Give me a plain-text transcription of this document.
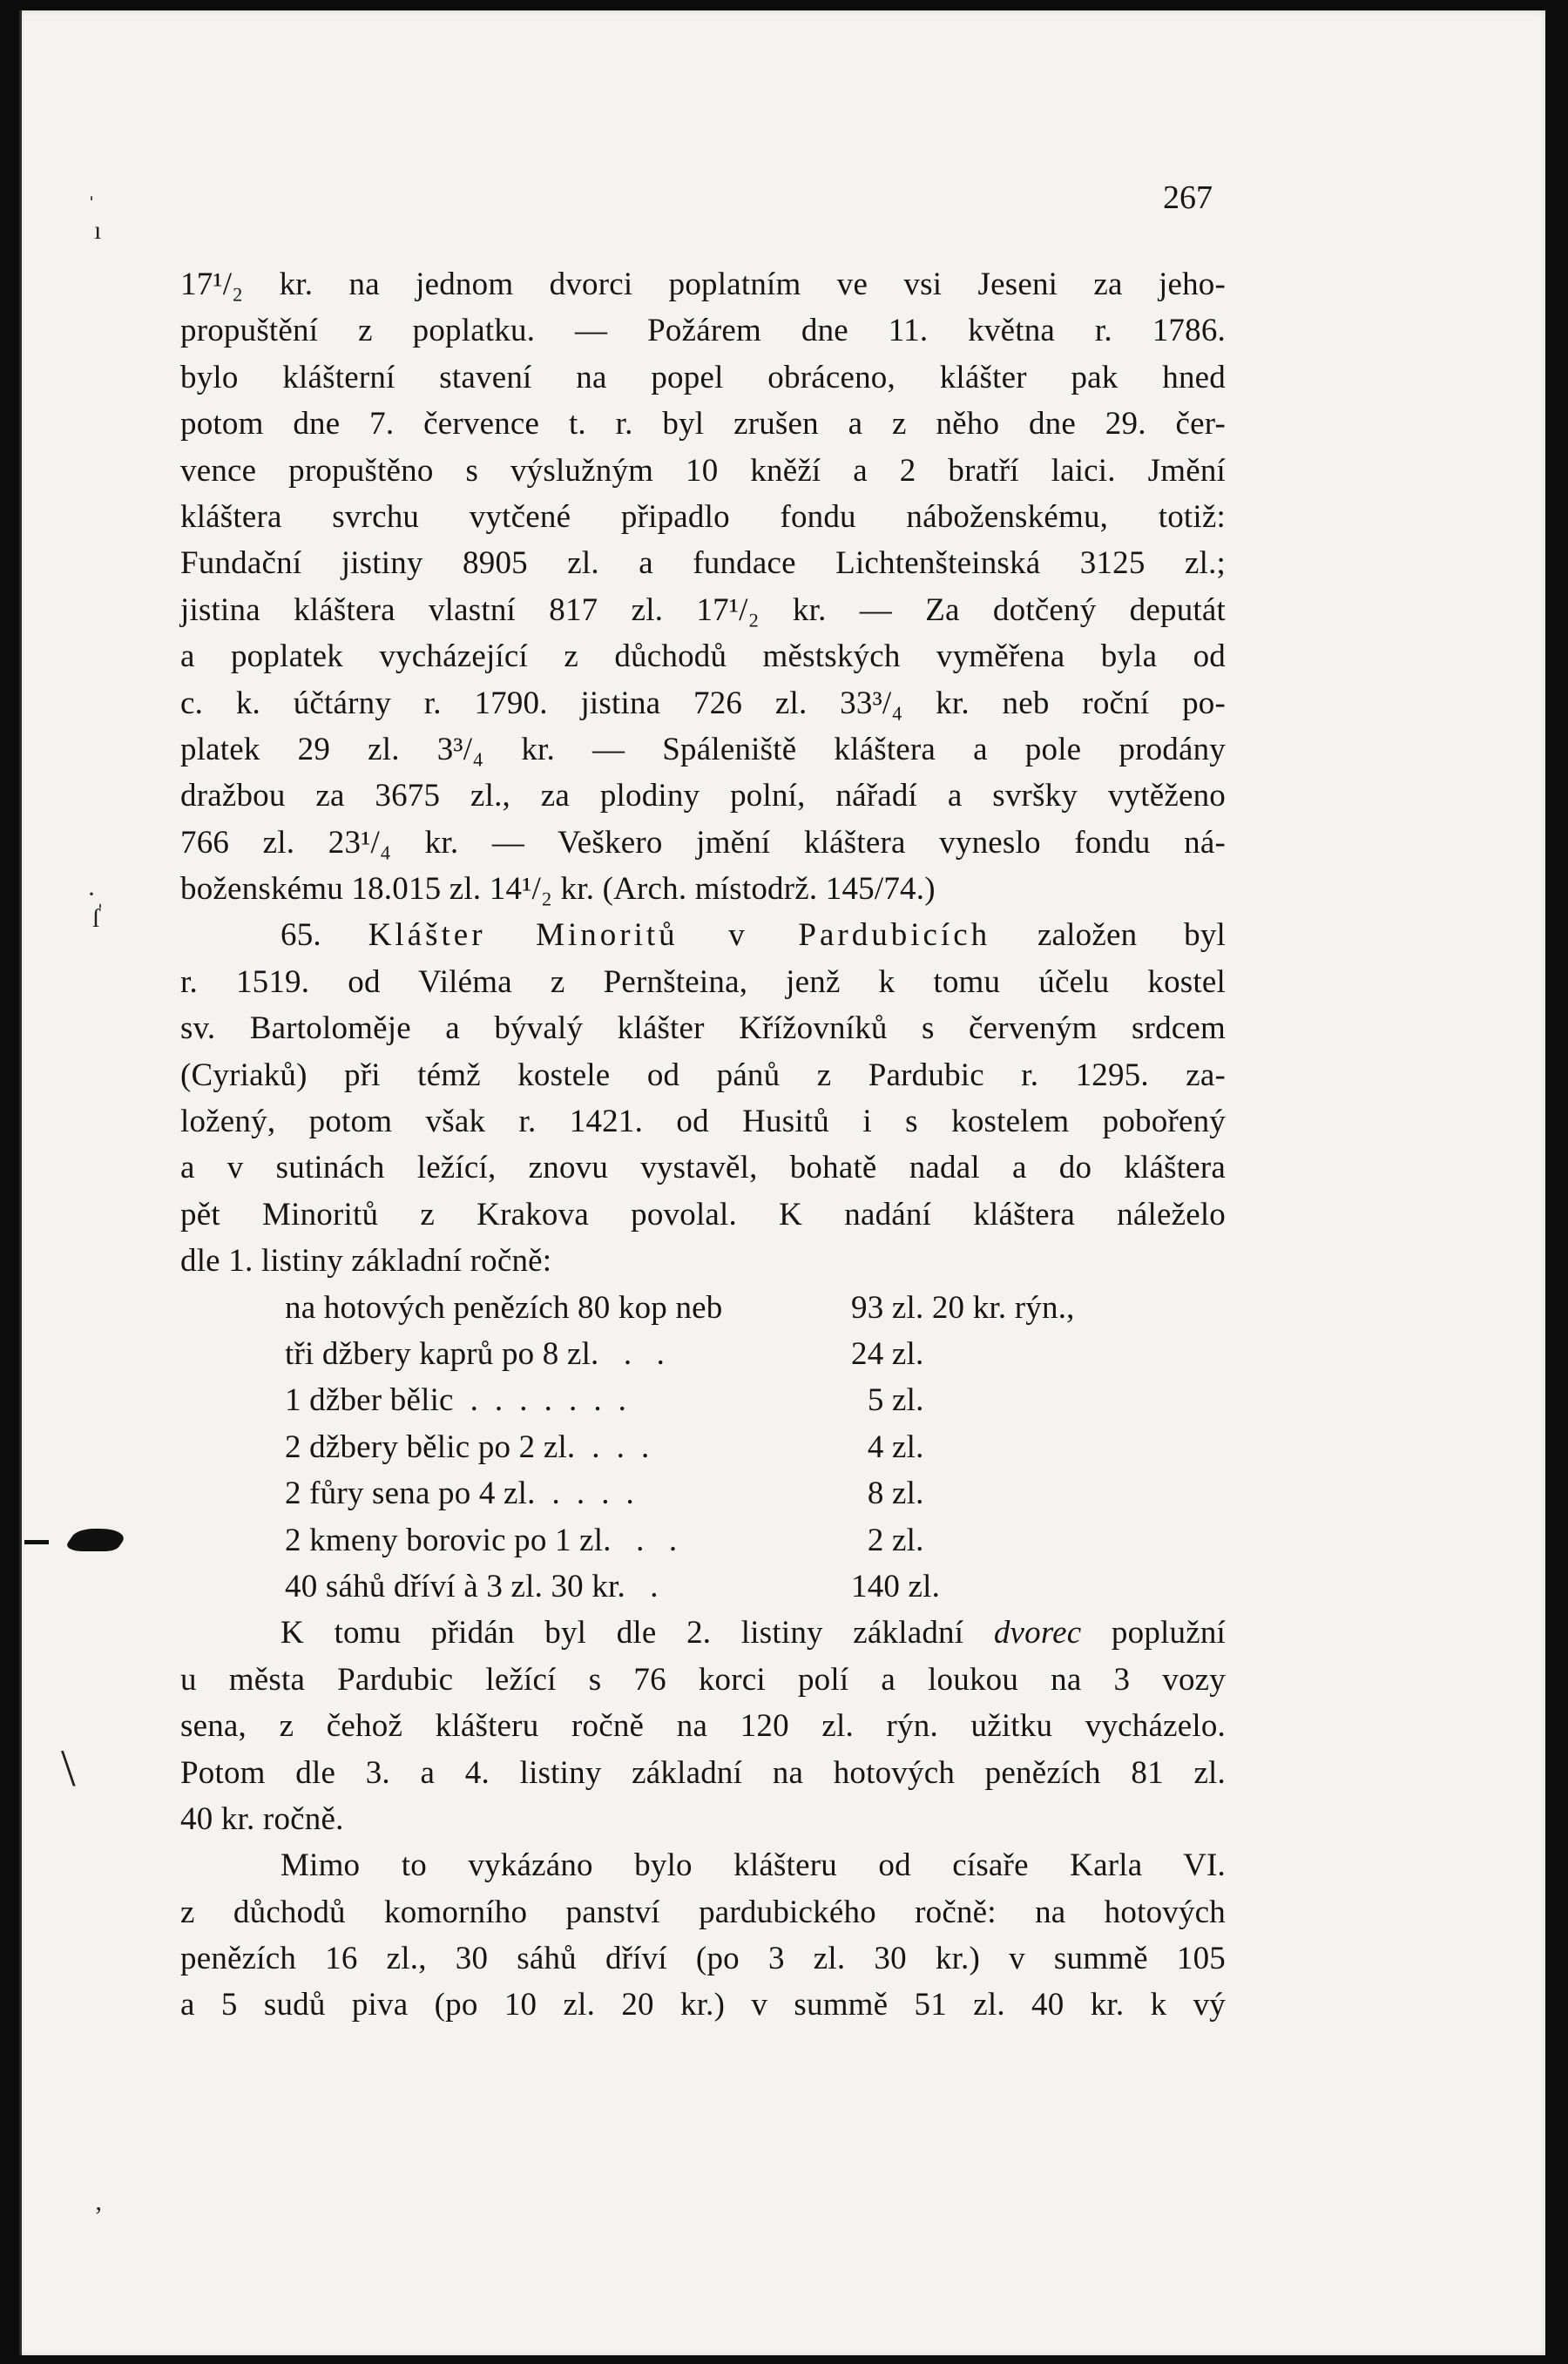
ˈ
ı
·ˌ
ſ
\
ʼ
267
17¹/₂ kr. na jednom dvorci poplatním ve vsi Jeseni za jeho-
propuštění z poplatku. — Požárem dne 11. května r. 1786.
bylo klášterní stavení na popel obráceno, klášter pak hned
potom dne 7. července t. r. byl zrušen a z něho dne 29. čer-
vence propuštěno s výslužným 10 kněží a 2 bratří laici. Jmění
kláštera svrchu vytčené připadlo fondu náboženskému, totiž:
Fundační jistiny 8905 zl. a fundace Lichtenšteinská 3125 zl.;
jistina kláštera vlastní 817 zl. 17¹/₂ kr. — Za dotčený deputát
a poplatek vycházející z důchodů městských vyměřena byla od
c. k. účtárny r. 1790. jistina 726 zl. 33³/₄ kr. neb roční po-
platek 29 zl. 3³/₄ kr. — Spáleniště kláštera a pole prodány
dražbou za 3675 zl., za plodiny polní, nářadí a svršky vytěženo
766 zl. 23¹/₄ kr. — Veškero jmění kláštera vyneslo fondu ná-
boženskému 18.015 zl. 14¹/₂ kr. (Arch. místodrž. 145/74.)
65. Klášter Minoritů v Pardubicích založen byl
r. 1519. od Viléma z Pernšteina, jenž k tomu účelu kostel
sv. Bartoloměje a bývalý klášter Křížovníků s červeným srdcem
(Cyriaků) při témž kostele od pánů z Pardubic r. 1295. za-
ložený, potom však r. 1421. od Husitů i s kostelem pobořený
a v sutinách ležící, znovu vystavěl, bohatě nadal a do kláštera
pět Minoritů z Krakova povolal. K nadání kláštera náleželo
dle 1. listiny základní ročně:
na hotových penězích 80 kop neb	93 zl. 20 kr. rýn.,
tři džbery kaprů po 8 zl.   .   .	24 zl.
1 džber bělic  .  .  .  .  .  .  .	5 zl.
2 džbery bělic po 2 zl.  .  .  .	4 zl.
2 fůry sena po 4 zl.  .  .  .  .	8 zl.
2 kmeny borovic po 1 zl.   .   .	2 zl.
40 sáhů dříví à 3 zl. 30 kr.   .	140 zl.
K tomu přidán byl dle 2. listiny základní dvorec poplužní
u města Pardubic ležící s 76 korci polí a loukou na 3 vozy
sena, z čehož klášteru ročně na 120 zl. rýn. užitku vycházelo.
Potom dle 3. a 4. listiny základní na hotových penězích 81 zl.
40 kr. ročně.
Mimo to vykázáno bylo klášteru od císaře Karla VI.
z důchodů komorního panství pardubického ročně: na hotových
penězích 16 zl., 30 sáhů dříví (po 3 zl. 30 kr.) v summě 105
a 5 sudů piva (po 10 zl. 20 kr.) v summě 51 zl. 40 kr. k vý
